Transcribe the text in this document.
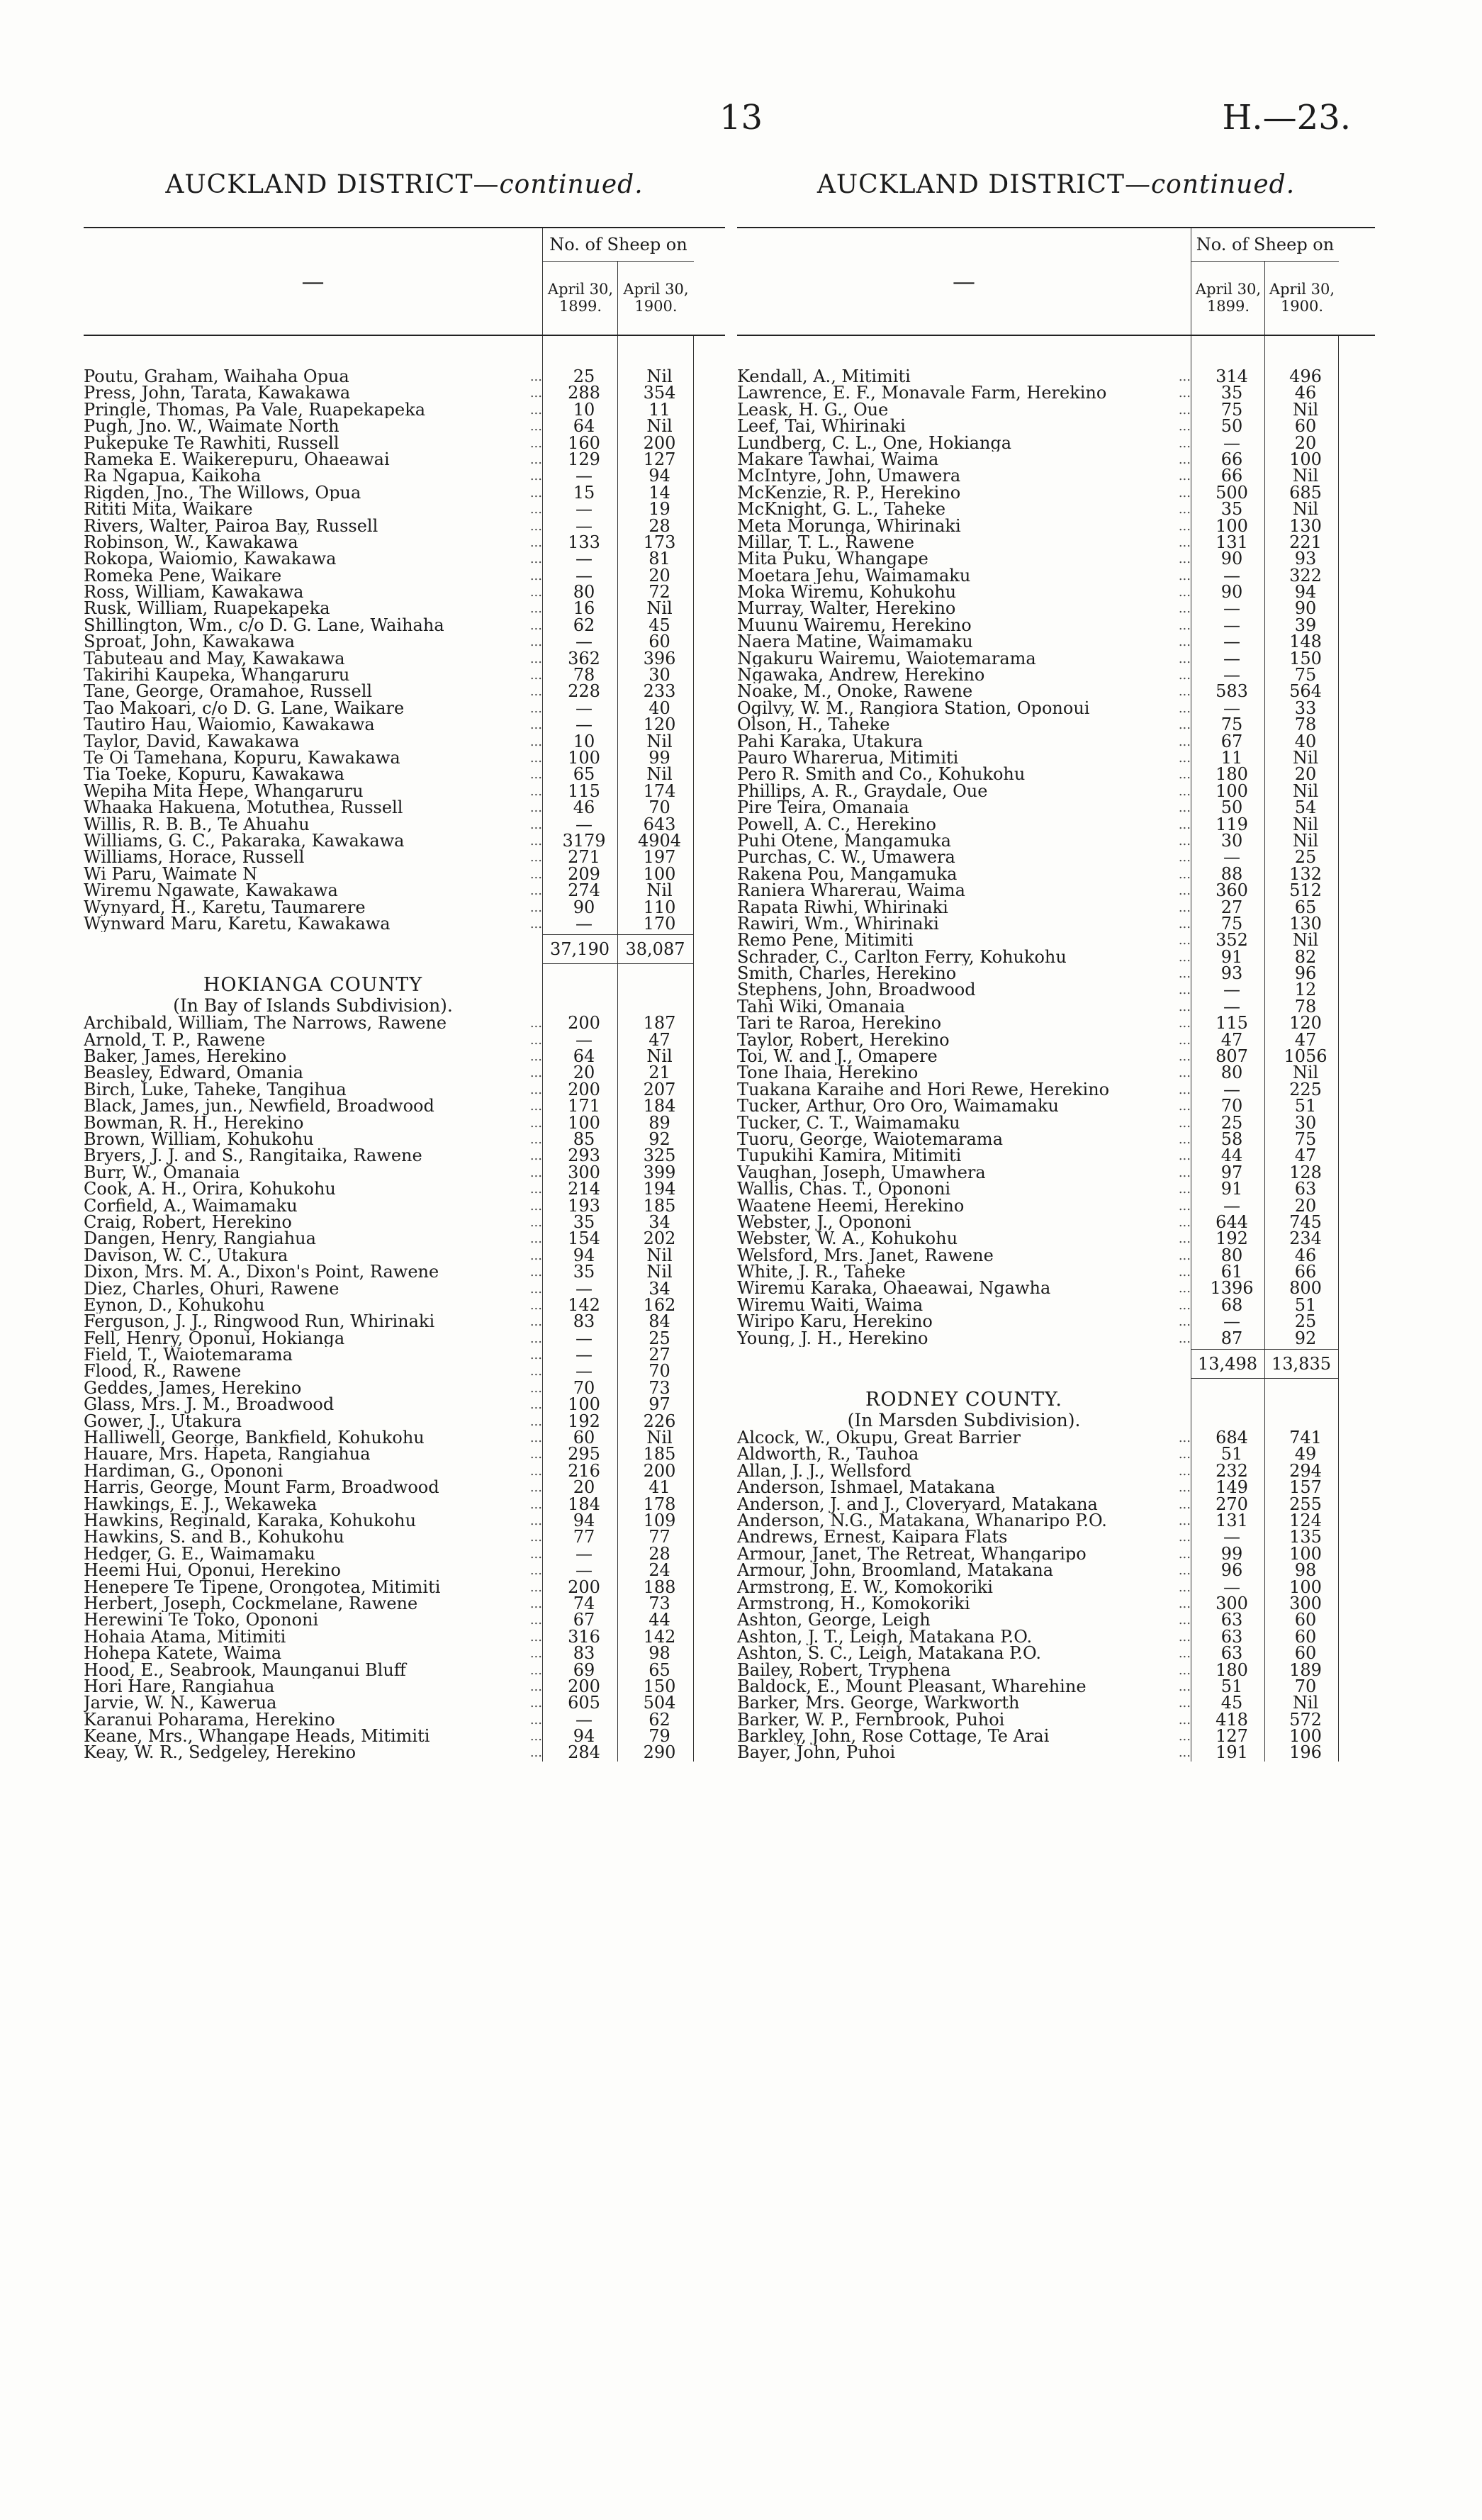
13	H.—23.
AUCKLAND DISTRICT—continued.
—
No. of Sheep on
April 30,
1899.
April 30,
1900.
Poutu, Graham, Waihaha Opua	...	25	Nil
Press, John, Tarata, Kawakawa	...	288	354
Pringle, Thomas, Pa Vale, Ruapekapeka	...	10	11
Pugh, Jno. W., Waimate North	...	64	Nil
Pukepuke Te Rawhiti, Russell	...	160	200
Rameka E. Waikerepuru, Ohaeawai	...	129	127
Ra Ngapua, Kaikoha	...	—	94
Rigden, Jno., The Willows, Opua	...	15	14
Rititi Mita, Waikare	...	—	19
Rivers, Walter, Pairoa Bay, Russell	...	—	28
Robinson, W., Kawakawa	...	133	173
Rokopa, Waiomio, Kawakawa	...	—	81
Romeka Pene, Waikare	...	—	20
Ross, William, Kawakawa	...	80	72
Rusk, William, Ruapekapeka	...	16	Nil
Shillington, Wm., c/o D. G. Lane, Waihaha	...	62	45
Sproat, John, Kawakawa	...	—	60
Tabuteau and May, Kawakawa	...	362	396
Takirihi Kaupeka, Whangaruru	...	78	30
Tane, George, Oramahoe, Russell	...	228	233
Tao Makoari, c/o D. G. Lane, Waikare	...	—	40
Tautiro Hau, Waiomio, Kawakawa	...	—	120
Taylor, David, Kawakawa	...	10	Nil
Te Oi Tamehana, Kopuru, Kawakawa	...	100	99
Tia Toeke, Kopuru, Kawakawa	...	65	Nil
Wepiha Mita Hepe, Whangaruru	...	115	174
Whaaka Hakuena, Motuthea, Russell	...	46	70
Willis, R. B. B., Te Ahuahu	...	—	643
Williams, G. C., Pakaraka, Kawakawa	...	3179	4904
Williams, Horace, Russell	...	271	197
Wi Paru, Waimate N	...	209	100
Wiremu Ngawate, Kawakawa	...	274	Nil
Wynyard, H., Karetu, Taumarere	...	90	110
Wynward Maru, Karetu, Kawakawa	...	—	170
37,190 38,087
HOKIANGA COUNTY
(In Bay of Islands Subdivision).
Archibald, William, The Narrows, Rawene	...	200	187
Arnold, T. P., Rawene	...	—	47
Baker, James, Herekino	...	64	Nil
Beasley, Edward, Omania	...	20	21
Birch, Luke, Taheke, Tangihua	...	200	207
Black, James, jun., Newfield, Broadwood	...	171	184
Bowman, R. H., Herekino	...	100	89
Brown, William, Kohukohu	...	85	92
Bryers, J. J. and S., Rangitaika, Rawene	...	293	325
Burr, W., Omanaia	...	300	399
Cook, A. H., Orira, Kohukohu	...	214	194
Corfield, A., Waimamaku	...	193	185
Craig, Robert, Herekino	...	35	34
Dangen, Henry, Rangiahua	...	154	202
Davison, W. C., Utakura	...	94	Nil
Dixon, Mrs. M. A., Dixon's Point, Rawene	...	35	Nil
Diez, Charles, Ohuri, Rawene	...	—	34
Eynon, D., Kohukohu	...	142	162
Ferguson, J. J., Ringwood Run, Whirinaki	...	83	84
Fell, Henry, Oponui, Hokianga	...	—	25
Field, T., Waiotemarama	...	—	27
Flood, R., Rawene	...	—	70
Geddes, James, Herekino	...	70	73
Glass, Mrs. J. M., Broadwood	...	100	97
Gower, J., Utakura	...	192	226
Halliwell, George, Bankfield, Kohukohu	...	60	Nil
Hauare, Mrs. Hapeta, Rangiahua	...	295	185
Hardiman, G., Opononi	...	216	200
Harris, George, Mount Farm, Broadwood	...	20	41
Hawkings, E. J., Wekaweka	...	184	178
Hawkins, Reginald, Karaka, Kohukohu	...	94	109
Hawkins, S. and B., Kohukohu	...	77	77
Hedger, G. E., Waimamaku	...	—	28
Heemi Hui, Oponui, Herekino	...	—	24
Henepere Te Tipene, Orongotea, Mitimiti	...	200	188
Herbert, Joseph, Cockmelane, Rawene	...	74	73
Herewini Te Toko, Opononi	...	67	44
Hohaia Atama, Mitimiti	...	316	142
Hohepa Katete, Waima	...	83	98
Hood, E., Seabrook, Maunganui Bluff	...	69	65
Hori Hare, Rangiahua	...	200	150
Jarvie, W. N., Kawerua	...	605	504
Karanui Poharama, Herekino	...	—	62
Keane, Mrs., Whangape Heads, Mitimiti	...	94	79
Keay, W. R., Sedgeley, Herekino	...	284	290
AUCKLAND DISTRICT—continued.
—
No. of Sheep on
April 30,
1899.
April 30,
1900.
Kendall, A., Mitimiti	...	314	496
Lawrence, E. F., Monavale Farm, Herekino	...	35	46
Leask, H. G., Oue	...	75	Nil
Leef, Tai, Whirinaki	...	50	60
Lundberg, C. L., One, Hokianga	...	—	20
Makare Tawhai, Waima	...	66	100
McIntyre, John, Umawera	...	66	Nil
McKenzie, R. P., Herekino	...	500	685
McKnight, G. L., Taheke	...	35	Nil
Meta Morunga, Whirinaki	...	100	130
Millar, T. L., Rawene	...	131	221
Mita Puku, Whangape	...	90	93
Moetara Jehu, Waimamaku	...	—	322
Moka Wiremu, Kohukohu	...	90	94
Murray, Walter, Herekino	...	—	90
Muunu Wairemu, Herekino	...	—	39
Naera Matine, Waimamaku	...	—	148
Ngakuru Wairemu, Waiotemarama	...	—	150
Ngawaka, Andrew, Herekino	...	—	75
Noake, M., Onoke, Rawene	...	583	564
Ogilvy, W. M., Rangiora Station, Oponoui	...	—	33
Olson, H., Taheke	...	75	78
Pahi Karaka, Utakura	...	67	40
Pauro Wharerua, Mitimiti	...	11	Nil
Pero R. Smith and Co., Kohukohu	...	180	20
Phillips, A. R., Graydale, Oue	...	100	Nil
Pire Teira, Omanaia	...	50	54
Powell, A. C., Herekino	...	119	Nil
Puhi Otene, Mangamuka	...	30	Nil
Purchas, C. W., Umawera	...	—	25
Rakena Pou, Mangamuka	...	88	132
Raniera Wharerau, Waima	...	360	512
Rapata Riwhi, Whirinaki	...	27	65
Rawiri, Wm., Whirinaki	...	75	130
Remo Pene, Mitimiti	...	352	Nil
Schrader, C., Carlton Ferry, Kohukohu	...	91	82
Smith, Charles, Herekino	...	93	96
Stephens, John, Broadwood	...	—	12
Tahi Wiki, Omanaia	...	—	78
Tari te Raroa, Herekino	...	115	120
Taylor, Robert, Herekino	...	47	47
Toi, W. and J., Omapere	...	807	1056
Tone Ihaia, Herekino	...	80	Nil
Tuakana Karaihe and Hori Rewe, Herekino	...	—	225
Tucker, Arthur, Oro Oro, Waimamaku	...	70	51
Tucker, C. T., Waimamaku	...	25	30
Tuoru, George, Waiotemarama	...	58	75
Tupukihi Kamira, Mitimiti	...	44	47
Vaughan, Joseph, Umawhera	...	97	128
Wallis, Chas. T., Opononi	...	91	63
Waatene Heemi, Herekino	...	—	20
Webster, J., Opononi	...	644	745
Webster, W. A., Kohukohu	...	192	234
Welsford, Mrs. Janet, Rawene	...	80	46
White, J. R., Taheke	...	61	66
Wiremu Karaka, Ohaeawai, Ngawha	...	1396	800
Wiremu Waiti, Waima	...	68	51
Wiripo Karu, Herekino	...	—	25
Young, J. H., Herekino	...	87	92
13,498 13,835
RODNEY COUNTY.
(In Marsden Subdivision).
Alcock, W., Okupu, Great Barrier	...	684	741
Aldworth, R., Tauhoa	...	51	49
Allan, J. J., Wellsford	...	232	294
Anderson, Ishmael, Matakana	...	149	157
Anderson, J. and J., Cloveryard, Matakana	...	270	255
Anderson, N.G., Matakana, Whanaripo P.O.	...	131	124
Andrews, Ernest, Kaipara Flats	...	—	135
Armour, Janet, The Retreat, Whangaripo	...	99	100
Armour, John, Broomland, Matakana	...	96	98
Armstrong, E. W., Komokoriki	...	—	100
Armstrong, H., Komokoriki	...	300	300
Ashton, George, Leigh	...	63	60
Ashton, J. T., Leigh, Matakana P.O.	...	63	60
Ashton, S. C., Leigh, Matakana P.O.	...	63	60
Bailey, Robert, Tryphena	...	180	189
Baldock, E., Mount Pleasant, Wharehine	...	51	70
Barker, Mrs. George, Warkworth	...	45	Nil
Barker, W. P., Fernbrook, Puhoi	...	418	572
Barkley, John, Rose Cottage, Te Arai	...	127	100
Bayer, John, Puhoi	...	191	196
